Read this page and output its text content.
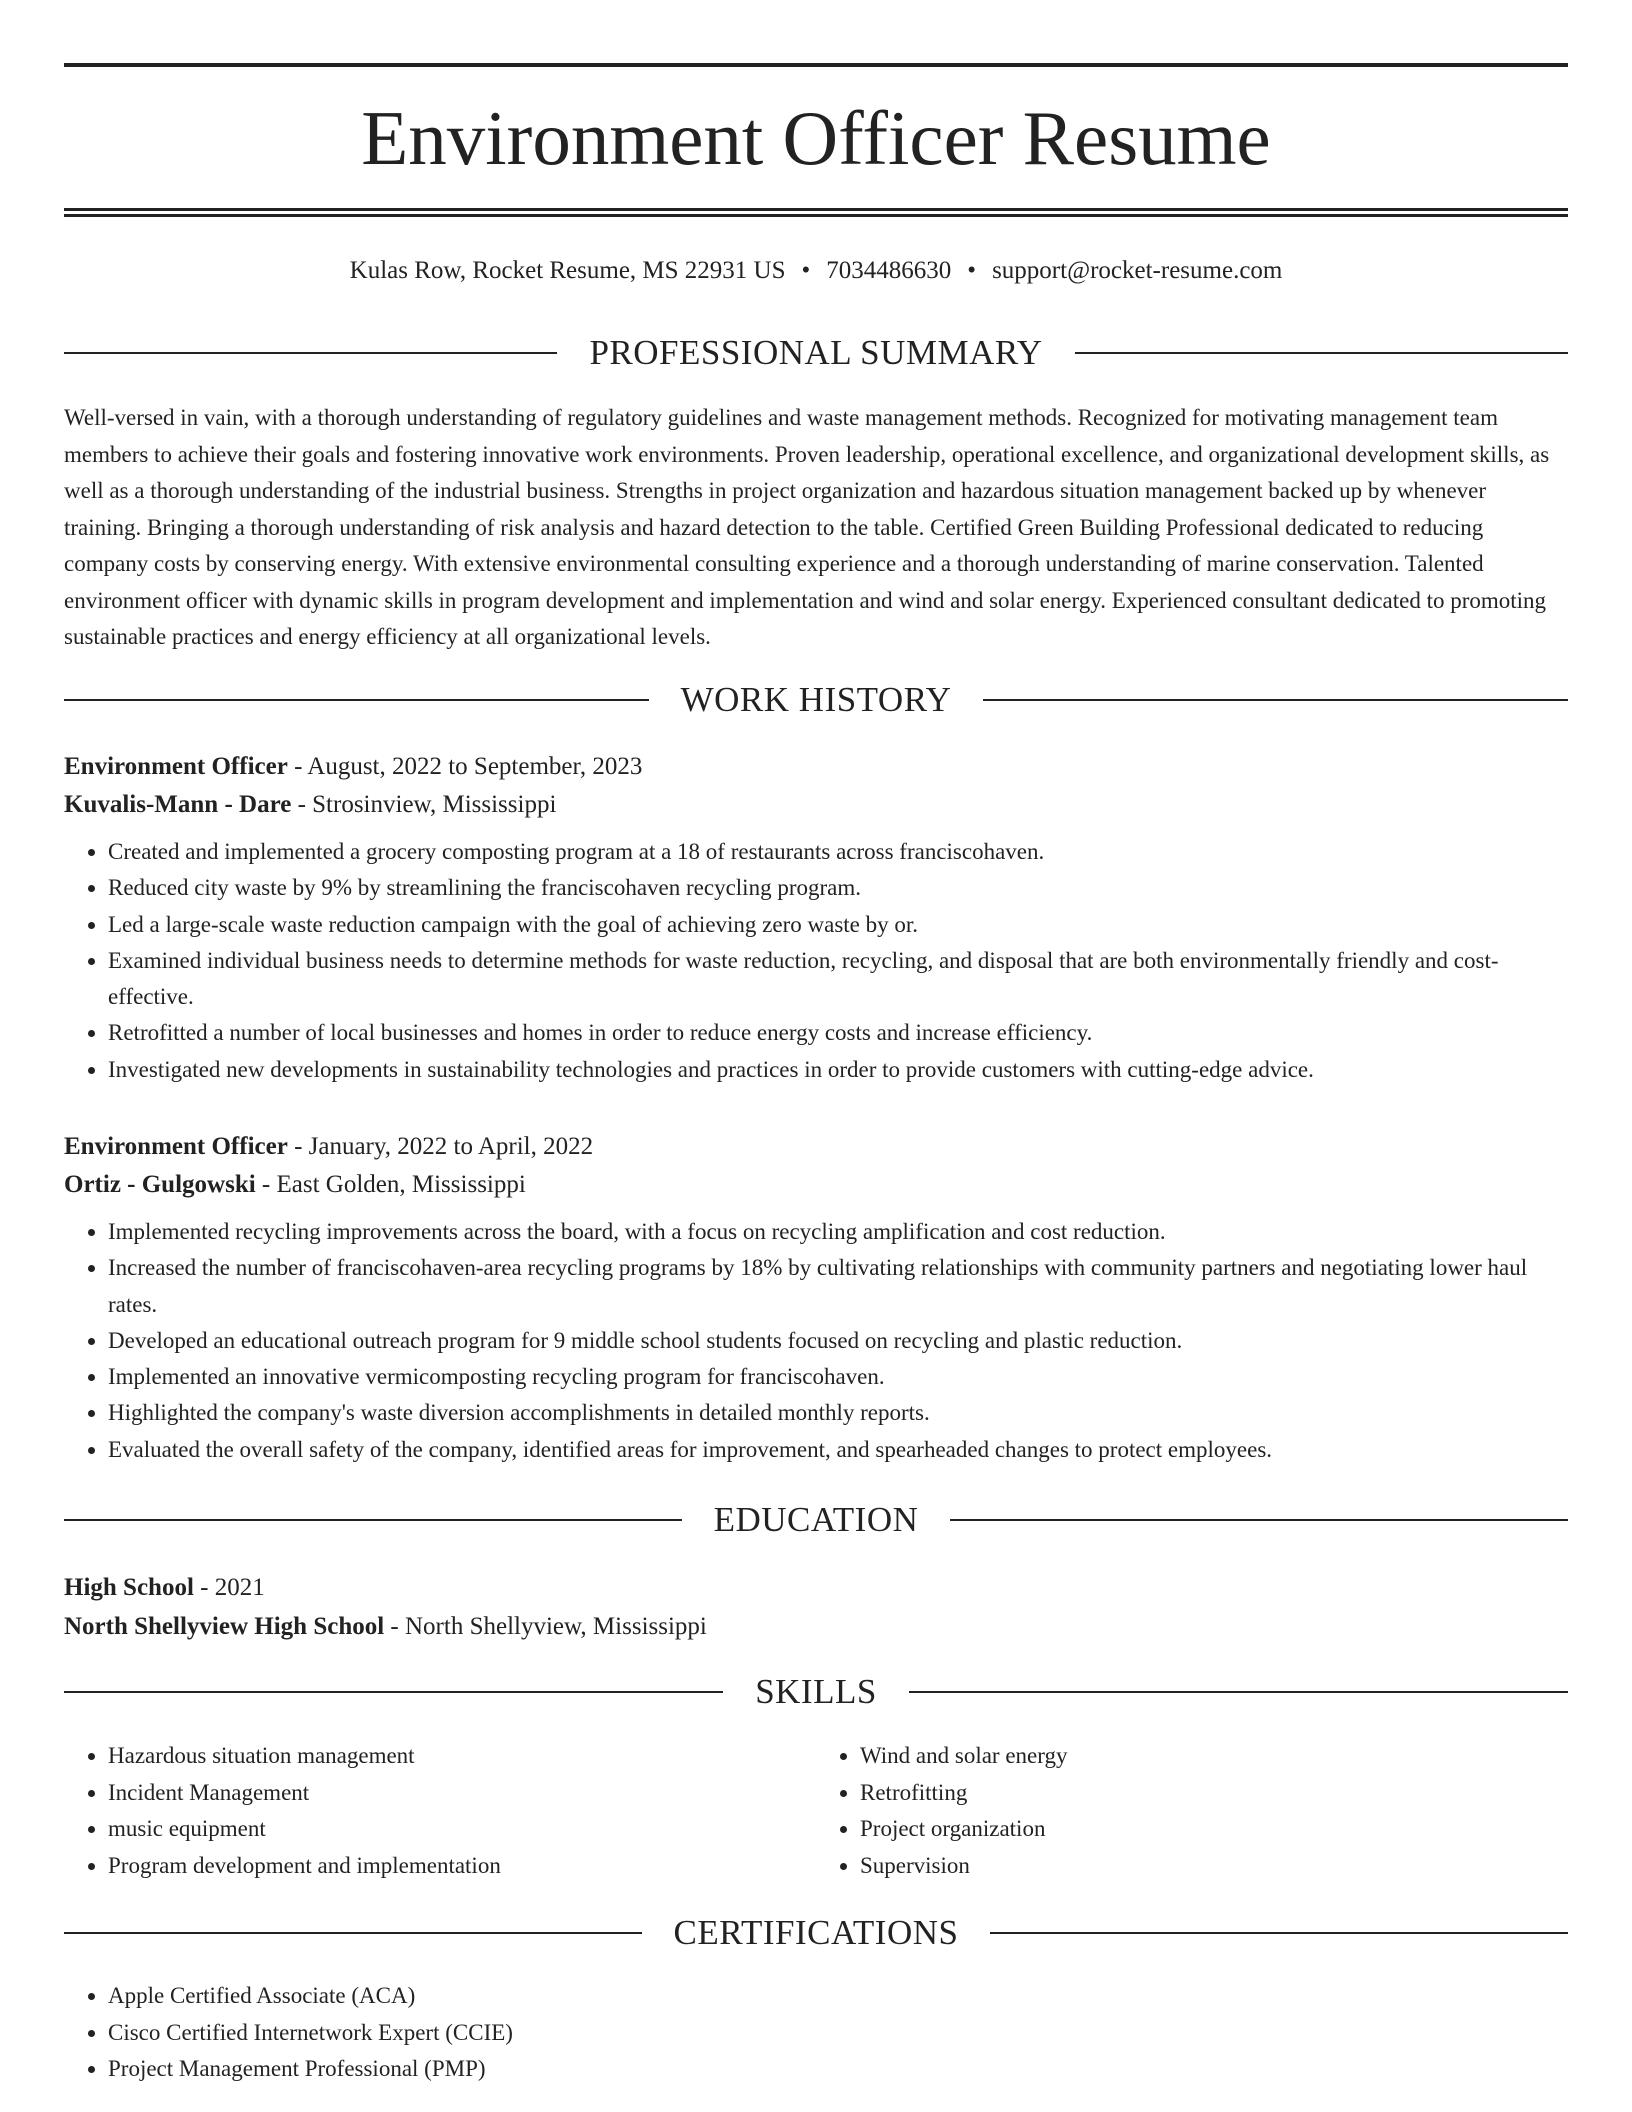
Environment Officer Resume
Kulas Row, Rocket Resume, MS 22931 US • 7034486630 • support@rocket-resume.com
PROFESSIONAL SUMMARY

Well-versed in vain, with a thorough understanding of regulatory guidelines and waste management methods. Recognized for motivating management team members to achieve their goals and fostering innovative work environments. Proven leadership, operational excellence, and organizational development skills, as well as a thorough understanding of the industrial business. Strengths in project organization and hazardous situation management backed up by whenever training. Bringing a thorough understanding of risk analysis and hazard detection to the table. Certified Green Building Professional dedicated to reducing company costs by conserving energy. With extensive environmental consulting experience and a thorough understanding of marine conservation. Talented environment officer with dynamic skills in program development and implementation and wind and solar energy. Experienced consultant dedicated to promoting sustainable practices and energy efficiency at all organizational levels.

WORK HISTORY
Environment Officer - August, 2022 to September, 2023
Kuvalis-Mann - Dare - Strosinview, Mississippi
• Created and implemented a grocery composting program at a 18 of restaurants across franciscohaven.
• Reduced city waste by 9% by streamlining the franciscohaven recycling program.
• Led a large-scale waste reduction campaign with the goal of achieving zero waste by or.
• Examined individual business needs to determine methods for waste reduction, recycling, and disposal that are both environmentally friendly and cost-effective.
• Retrofitted a number of local businesses and homes in order to reduce energy costs and increase efficiency.
• Investigated new developments in sustainability technologies and practices in order to provide customers with cutting-edge advice.
Environment Officer - January, 2022 to April, 2022
Ortiz - Gulgowski - East Golden, Mississippi
• Implemented recycling improvements across the board, with a focus on recycling amplification and cost reduction.
• Increased the number of franciscohaven-area recycling programs by 18% by cultivating relationships with community partners and negotiating lower haul rates.
• Developed an educational outreach program for 9 middle school students focused on recycling and plastic reduction.
• Implemented an innovative vermicomposting recycling program for franciscohaven.
• Highlighted the company's waste diversion accomplishments in detailed monthly reports.
• Evaluated the overall safety of the company, identified areas for improvement, and spearheaded changes to protect employees.
EDUCATION
High School - 2021
North Shellyview High School - North Shellyview, Mississippi
SKILLS
• Hazardous situation management
• Incident Management
• music equipment
• Program development and implementation
• Wind and solar energy
• Retrofitting
• Project organization
• Supervision
CERTIFICATIONS
• Apple Certified Associate (ACA)
• Cisco Certified Internetwork Expert (CCIE)
• Project Management Professional (PMP)
